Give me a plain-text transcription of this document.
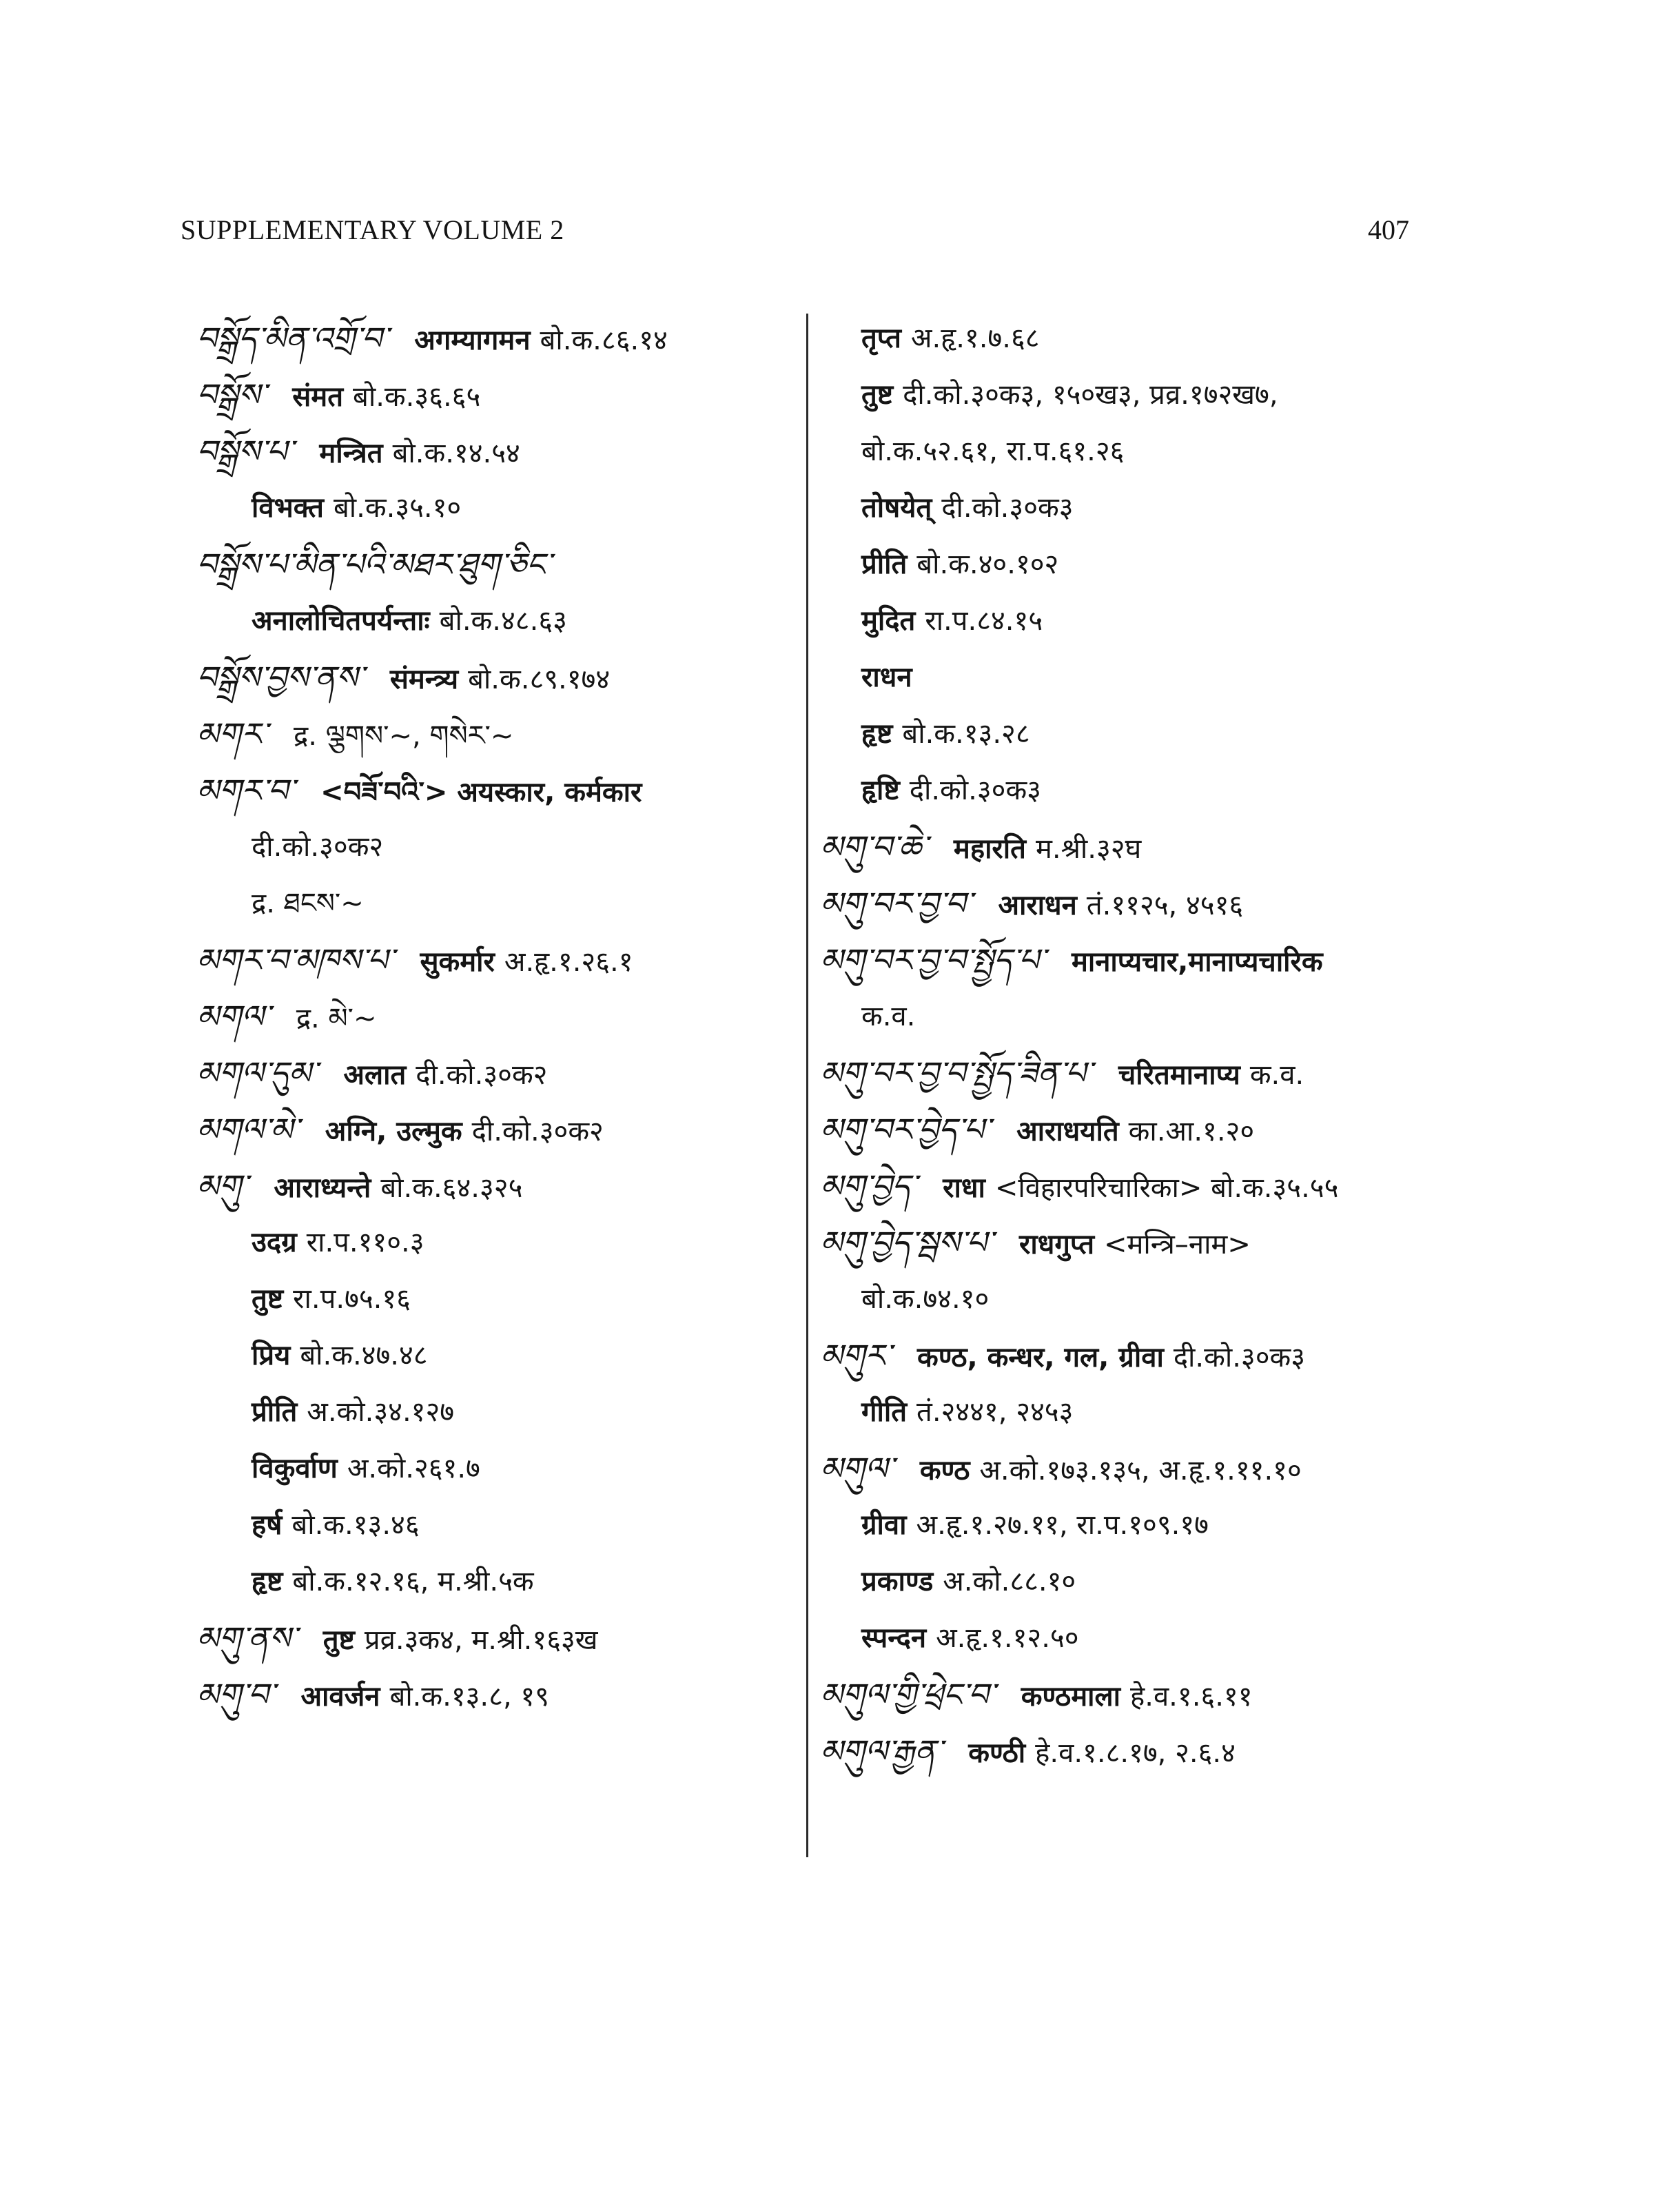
SUPPLEMENTARY VOLUME 2	407
བསྒྲོད་མིན་འགྲོ་བ་ अगम्यागमन बो.क.८६.१४
བསྒྲོས་ संमत बो.क.३६.६५
བསྒྲོས་པ་ मन्त्रित बो.क.१४.५४
विभक्त बो.क.३५.१०
བསྒྲོས་པ་མིན་པའི་མཐར་ཐུག་ཅིང་
अनालोचितपर्यन्ताः बो.क.४८.६३
བསྒྲོས་བྱས་ནས་ संमन्त्र्य बो.क.८९.१७४
མགར་ द्र. ལྕགས་~, གསེར་~
མགར་བ་ <བཟོ་བའི་> अयस्कार, कर्मकार
दी.को.३०क२
द्र. ཐངས་~
མགར་བ་མཁས་པ་ सुकर्मार अ.हृ.१.२६.१
མགལ་ द्र. མེ་~
མགལ་དུམ་ अलात दी.को.३०क२
མགལ་མེ་ अग्नि, उल्मुक दी.को.३०क२
མགུ་ आराध्यन्ते बो.क.६४.३२५
उदग्र रा.प.११०.३
तुष्ट रा.प.७५.१६
प्रिय बो.क.४७.४८
प्रीति अ.को.३४.१२७
विकुर्वाण अ.को.२६१.७
हर्ष बो.क.१३.४६
हृष्ट बो.क.१२.१६, म.श्री.५क
མགུ་ནས་ तुष्ट प्रव्र.३क४, म.श्री.१६३ख
མགུ་བ་ आवर्जन बो.क.१३.८, १९
तृप्त अ.हृ.१.७.६८
तुष्ट दी.को.३०क३, १५०ख३, प्रव्र.१७२ख७,
बो.क.५२.६१, रा.प.६१.२६
तोषयेत् दी.को.३०क३
प्रीति बो.क.४०.१०२
मुदित रा.प.८४.१५
राधन
हृष्ट बो.क.१३.२८
हृष्टि दी.को.३०क३
མགུ་བ་ཆེ་ महारति म.श्री.३२घ
མགུ་བར་བྱ་བ་ आराधन तं.११२५, ४५१६
མགུ་བར་བྱ་བ་སྤྱོད་པ་ मानाप्यचार,मानाप्यचारिक
क.व.
མགུ་བར་བྱ་བ་སྤྱོད་ཟིན་པ་ चरितमानाप्य क.व.
མགུ་བར་བྱེད་པ་ आराधयति का.आ.१.२०
མགུ་བྱེད་ राधा <विहारपरिचारिका> बो.क.३५.५५
མགུ་བྱེད་སྦས་པ་ राधगुप्त <मन्त्रि–नाम>
बो.क.७४.१०
མགུར་ कण्ठ, कन्धर, गल, ग्रीवा दी.को.३०क३
गीति तं.२४४१, २४५३
མགུལ་ कण्ठ अ.को.१७३.१३५, अ.हृ.१.११.१०
ग्रीवा अ.हृ.१.२७.११, रा.प.१०९.१७
प्रकाण्ड अ.को.८८.१०
स्पन्दन अ.हृ.१.१२.५०
མགུལ་གྱི་ཕྲེང་བ་ कण्ठमाला हे.व.१.६.११
མགུལ་རྒྱན་ कण्ठी हे.व.१.८.१७, २.६.४
